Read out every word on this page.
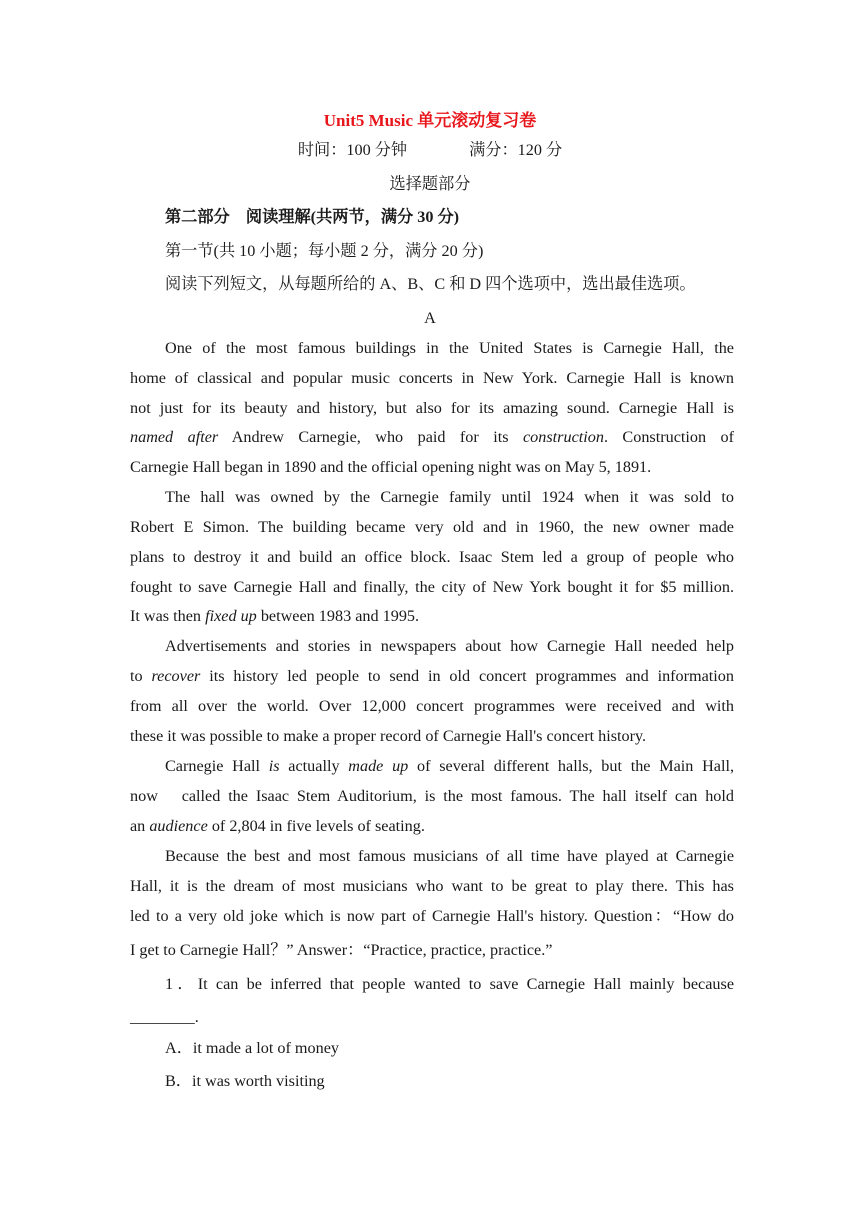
Unit5 Music 单元滚动复习卷
时间：100 分钟	满分：120 分
选择题部分
第二部分　阅读理解(共两节，满分 30 分)
第一节(共 10 小题；每小题 2 分，满分 20 分)
阅读下列短文，从每题所给的 A、B、C 和 D 四个选项中，选出最佳选项。
A
One of the most famous buildings in the United States is Carnegie Hall, the
home of classical and popular music concerts in New York. Carnegie Hall is known
not just for its beauty and history, but also for its amazing sound. Carnegie Hall is
named after Andrew Carnegie, who paid for its construction. Construction of
Carnegie Hall began in 1890 and the official opening night was on May 5, 1891.
The hall was owned by the Carnegie family until 1924 when it was sold to
Robert E Simon. The building became very old and in 1960, the new owner made
plans to destroy it and build an office block. Isaac Stem led a group of people who
fought to save Carnegie Hall and finally, the city of New York bought it for $5 million.
It was then fixed up between 1983 and 1995.
Advertisements and stories in newspapers about how Carnegie Hall needed help
to recover its history led people to send in old concert programmes and information
from all over the world. Over 12,000 concert programmes were received and with
these it was possible to make a proper record of Carnegie Hall's concert history.
Carnegie Hall is actually made up of several different halls, but the Main Hall,
now　called the Isaac Stem Auditorium, is the most famous. The hall itself can hold
an audience of 2,804 in five levels of seating.
Because the best and most famous musicians of all time have played at Carnegie
Hall, it is the dream of most musicians who want to be great to play there. This has
led to a very old joke which is now part of Carnegie Hall's history. Question：“How do
I get to Carnegie Hall？” Answer：“Practice, practice, practice.”
1．It can be inferred that people wanted to save Carnegie Hall mainly because
________.
A．it made a lot of money
B．it was worth visiting
